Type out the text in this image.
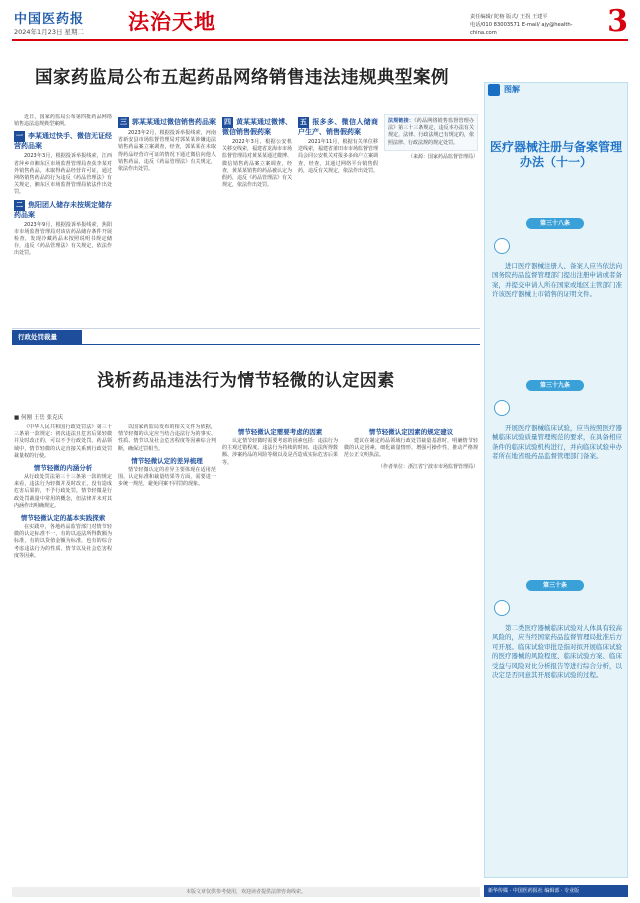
中国医药报
2024年1月23日 星期二 法治天地	责任编辑/ 陀榕 版式/ 王拐 王建平
电话/010 83003571 E-mail/ ajy@health-china.com	3
国家药监局公布五起药品网络销售违法违规典型案例

近日，国家药监局公布第四批药品网络销售违法违规典型案例。

一 李某通过快手、微信无证经营药品案

2023年3月，根据投诉举报线索，江西省萍乡市湘东区市场监督管理局查获李某对外销售药品，未取得药品经营许可证，通过网络销售药品的行为违反《药品管理法》有关规定，湘东区市场监督管理局依法作出处罚。

二 焦阳团人储存未按规定储存药品案

2023年9月，根据投诉举报线索，焦阳市市场监督管理局对该店药品储存条件开展检查，发现冷藏药品未按照说明书规定储存，违反《药品管理法》有关规定，依法作出处罚。

三 郭某某通过微信销售药品案

2023年2月，根据投诉举报线索，河南省新安县市场监督管理局对郭某某涉嫌违法销售药品案立案调查，经查，郭某某在未取得药品经营许可证的情况下通过微信向他人销售药品，违反《药品管理法》有关规定，依法作出处罚。

四 黄某某通过微博、微信销售假药案

2022年3月，根据公安机关移交线索，福建省龙海市市场监督管理局对黄某某通过微博、微信销售药品案立案调查，经查，黄某某销售的药品被认定为假药，违反《药品管理法》有关规定，依法作出处罚。

五 报多多、微信人储商户生产、销售假药案

2021年11月，根据有关单位移送线索，福建省莆田市市场监督管理局会同公安机关对报多多商户立案调查，经查，其通过网络平台销售假药，违反有关规定，依法作出处罚。

法规链接：《药品网络销售监督管理办法》第三十三条规定，违反本办法有关规定，法律、行政法规已有规定的，依照法律、行政法规的规定处罚。

（来源：国家药品监督管理局）

行政处罚裁量
浅析药品违法行为情节轻微的认定因素
■ 何刚 王岳 张克庆

《中华人民共和国行政处罚法》第三十三条第一款规定：初次违法且危害后果轻微并及时改正的，可以不予行政处罚。药品领域中，情节轻微的认定直接关系到行政处罚裁量权的行使。

情节轻微的内涵分析

从行政处罚法第三十三条第一款的规定来看，违法行为轻微并及时改正，没有造成危害后果的，不予行政处罚。情节轻微是行政处罚裁量中常用的概念，但法律并未对其内涵作出明确规定。

情节轻微认定的基本实践探索

在实践中，各地药品监管部门对情节轻微的认定标准不一，有的以违法所得数额为标准，有的以货值金额为标准，也有的综合考虑违法行为的性质、情节以及社会危害程度等因素。

以国家药监局发布的相关文件为依据，情节轻微的认定应当结合违法行为的事实、性质、情节以及社会危害程度等因素综合判断，确保过罚相当。

情节轻微认定的差异梳理

情节轻微认定的差异主要体现在适用范围、认定标准和裁量结果等方面，需要进一步统一规范，避免同案不同罚的现象。

情节轻微认定需要考虑的因素

认定情节轻微时需要考虑的因素包括：违法行为的主观过错程度、违法行为持续的时间、违法所得数额、涉案药品的风险等级以及是否造成实际危害后果等。

情节轻微认定因素的规定建议

建议在制定药品领域行政处罚裁量基准时，明确情节轻微的认定因素，细化裁量情形，增强可操作性，推动严格规范公正文明执法。

（作者单位：浙江省宁波市市场监督管理局）

图解
医疗器械注册与备案管理办法（十一）
第三十八条

进口医疗器械注册人、备案人应当依法向国务院药品监督管理部门提出注册申请或者备案，并提交申请人所在国家或地区主管部门准许该医疗器械上市销售的证明文件。

第三十九条

开展医疗器械临床试验，应当按照医疗器械临床试验质量管理规范的要求，在具备相应条件的临床试验机构进行，并向临床试验申办者所在地省级药品监督管理部门备案。

第三十条

第二类医疗器械临床试验对人体具有较高风险的，应当经国家药品监督管理局批准后方可开展。临床试验审批是指对拟开展临床试验的医疗器械的风险程度、临床试验方案、临床受益与风险对比分析报告等进行综合分析，以决定是否同意其开展临床试验的过程。

本版文章仅供参考使用，欢迎读者提供法律咨询线索。	新华传媒 · 中国医药报社 编辑部 · 专业版
